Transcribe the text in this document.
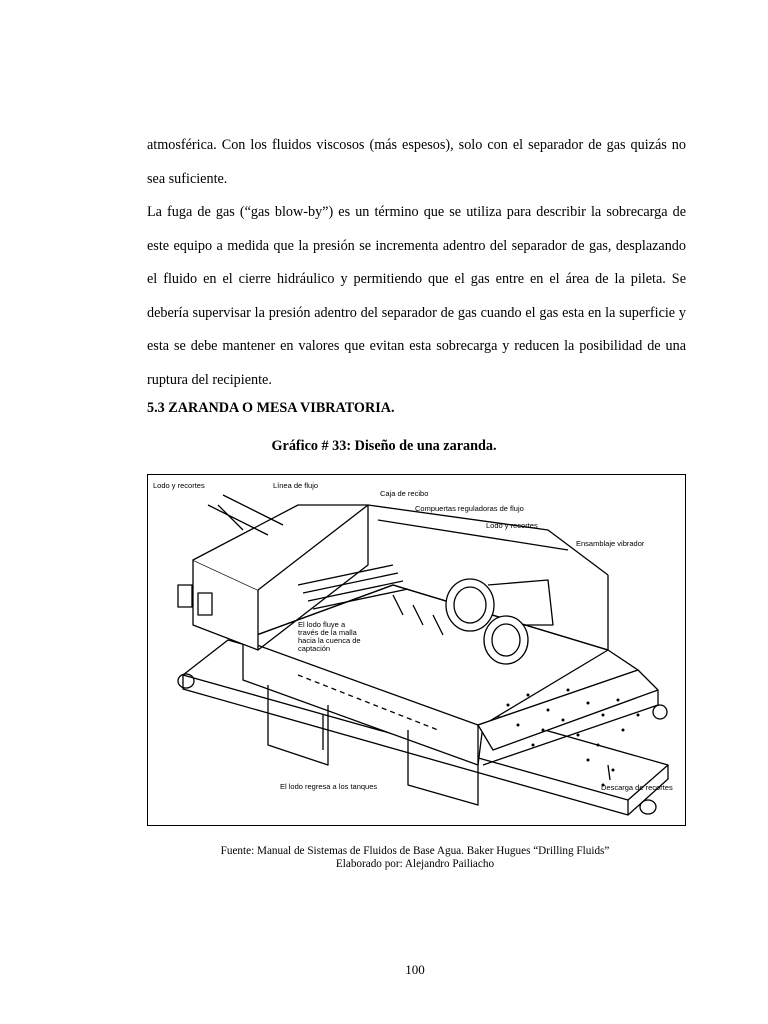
atmosférica. Con los fluidos viscosos (más espesos), solo con el separador de gas quizás no sea suficiente.

La fuga de gas (“gas blow-by”) es un término que se utiliza para describir la sobrecarga de este equipo a medida que la presión se incrementa adentro del separador de gas, desplazando el fluido en el cierre hidráulico y permitiendo que el gas entre en el área de la pileta. Se debería supervisar la presión adentro del separador de gas cuando el gas esta en la superficie y esta se debe mantener en valores que evitan esta sobrecarga y reducen la posibilidad de una ruptura del recipiente.

5.3 ZARANDA O MESA VIBRATORIA.

Gráfico # 33: Diseño de una zaranda.

Lodo y recortes	Línea de flujo
Caja de recibo
Compuertas reguladoras de flujo
Lodo y recortes
Ensamblaje vibrador
El lodo fluye a
través de la malla
hacia la cuenca de
captación
El lodo regresa a los tanques	Descarga de recortes

Fuente: Manual de Sistemas de Fluidos de Base Agua. Baker Hugues “Drilling Fluids”
Elaborado por: Alejandro Pailiacho

100
